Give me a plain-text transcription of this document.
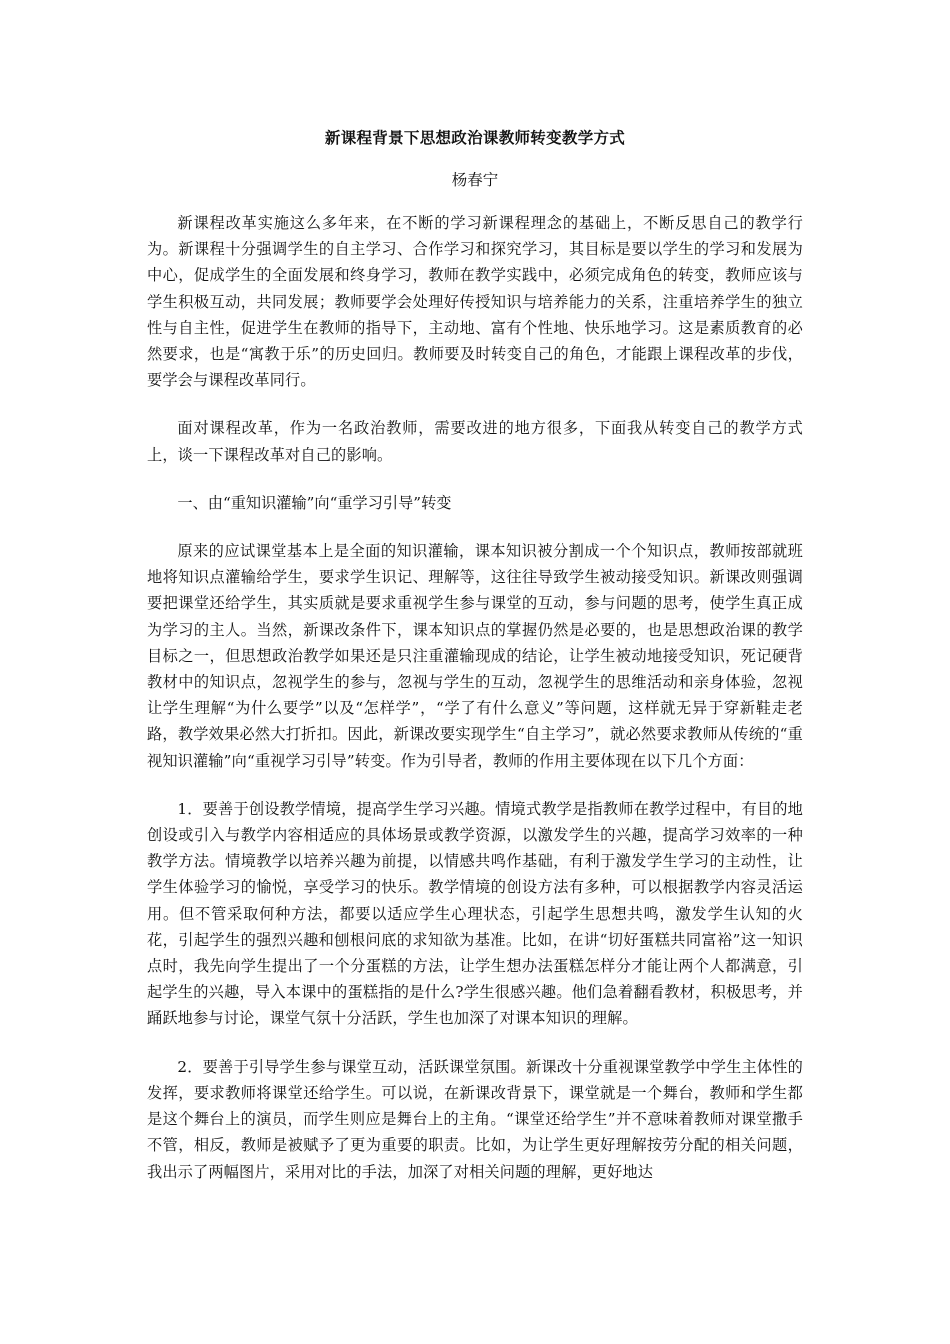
新课程背景下思想政治课教师转变教学方式

杨春宁

新课程改革实施这么多年来，在不断的学习新课程理念的基础上，不断反思自己的教学行为。新课程十分强调学生的自主学习、合作学习和探究学习，其目标是要以学生的学习和发展为中心，促成学生的全面发展和终身学习，教师在教学实践中，必须完成角色的转变，教师应该与学生积极互动，共同发展；教师要学会处理好传授知识与培养能力的关系，注重培养学生的独立性与自主性，促进学生在教师的指导下，主动地、富有个性地、快乐地学习。这是素质教育的必然要求，也是“寓教于乐”的历史回归。教师要及时转变自己的角色，才能跟上课程改革的步伐，要学会与课程改革同行。

面对课程改革，作为一名政治教师，需要改进的地方很多，下面我从转变自己的教学方式上，谈一下课程改革对自己的影响。

一、由“重知识灌输”向“重学习引导”转变

原来的应试课堂基本上是全面的知识灌输，课本知识被分割成一个个知识点，教师按部就班地将知识点灌输给学生，要求学生识记、理解等，这往往导致学生被动接受知识。新课改则强调要把课堂还给学生，其实质就是要求重视学生参与课堂的互动，参与问题的思考，使学生真正成为学习的主人。当然，新课改条件下，课本知识点的掌握仍然是必要的，也是思想政治课的教学目标之一，但思想政治教学如果还是只注重灌输现成的结论，让学生被动地接受知识，死记硬背教材中的知识点，忽视学生的参与，忽视与学生的互动，忽视学生的思维活动和亲身体验，忽视让学生理解“为什么要学”以及“怎样学”，“学了有什么意义”等问题，这样就无异于穿新鞋走老路，教学效果必然大打折扣。因此，新课改要实现学生“自主学习”，就必然要求教师从传统的“重视知识灌输”向“重视学习引导”转变。作为引导者，教师的作用主要体现在以下几个方面：

1．要善于创设教学情境，提高学生学习兴趣。情境式教学是指教师在教学过程中，有目的地创设或引入与教学内容相适应的具体场景或教学资源，以激发学生的兴趣，提高学习效率的一种教学方法。情境教学以培养兴趣为前提，以情感共鸣作基础，有利于激发学生学习的主动性，让学生体验学习的愉悦，享受学习的快乐。教学情境的创设方法有多种，可以根据教学内容灵活运用。但不管采取何种方法，都要以适应学生心理状态，引起学生思想共鸣，激发学生认知的火花，引起学生的强烈兴趣和刨根问底的求知欲为基准。比如，在讲“切好蛋糕共同富裕”这一知识点时，我先向学生提出了一个分蛋糕的方法，让学生想办法蛋糕怎样分才能让两个人都满意，引起学生的兴趣，导入本课中的蛋糕指的是什么?学生很感兴趣。他们急着翻看教材，积极思考，并踊跃地参与讨论，课堂气氛十分活跃，学生也加深了对课本知识的理解。

2．要善于引导学生参与课堂互动，活跃课堂氛围。新课改十分重视课堂教学中学生主体性的发挥，要求教师将课堂还给学生。可以说，在新课改背景下，课堂就是一个舞台，教师和学生都是这个舞台上的演员，而学生则应是舞台上的主角。“课堂还给学生”并不意味着教师对课堂撒手不管，相反，教师是被赋予了更为重要的职责。比如，为让学生更好理解按劳分配的相关问题，我出示了两幅图片，采用对比的手法，加深了对相关问题的理解，更好地达
